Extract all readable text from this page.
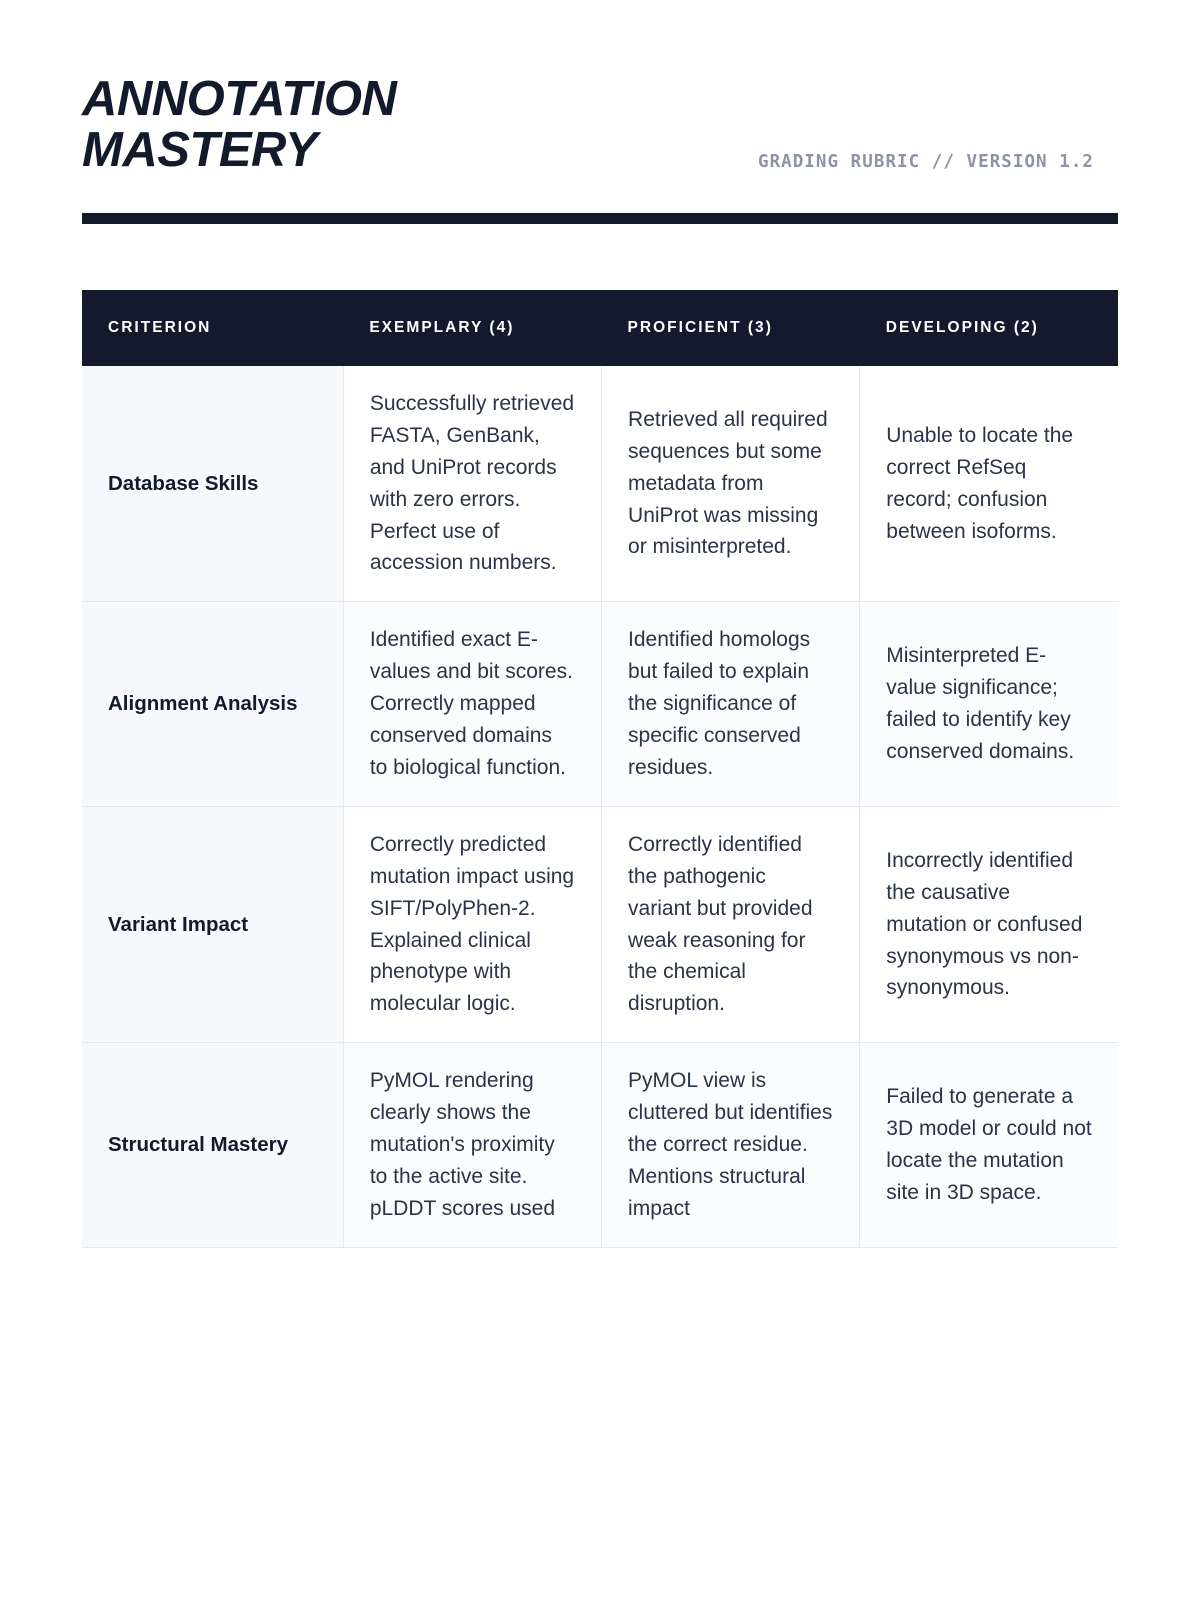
ANNOTATION
MASTERY	GRADING RUBRIC // VERSION 1.2
CRITERION	EXEMPLARY (4)	PROFICIENT (3)	DEVELOPING (2)
Database Skills	Successfully retrieved FASTA, GenBank, and UniProt records with zero errors. Perfect use of accession numbers.	Retrieved all required sequences but some metadata from UniProt was missing or misinterpreted.	Unable to locate the correct RefSeq record; confusion between isoforms.
Alignment Analysis	Identified exact E-values and bit scores. Correctly mapped conserved domains to biological function.	Identified homologs but failed to explain the significance of specific conserved residues.	Misinterpreted E-value significance; failed to identify key conserved domains.
Variant Impact	Correctly predicted mutation impact using SIFT/PolyPhen-2. Explained clinical phenotype with molecular logic.	Correctly identified the pathogenic variant but provided weak reasoning for the chemical disruption.	Incorrectly identified the causative mutation or confused synonymous vs non-synonymous.
Structural Mastery	PyMOL rendering clearly shows the mutation's proximity to the active site. pLDDT scores used	PyMOL view is cluttered but identifies the correct residue. Mentions structural impact	Failed to generate a 3D model or could not locate the mutation site in 3D space.
